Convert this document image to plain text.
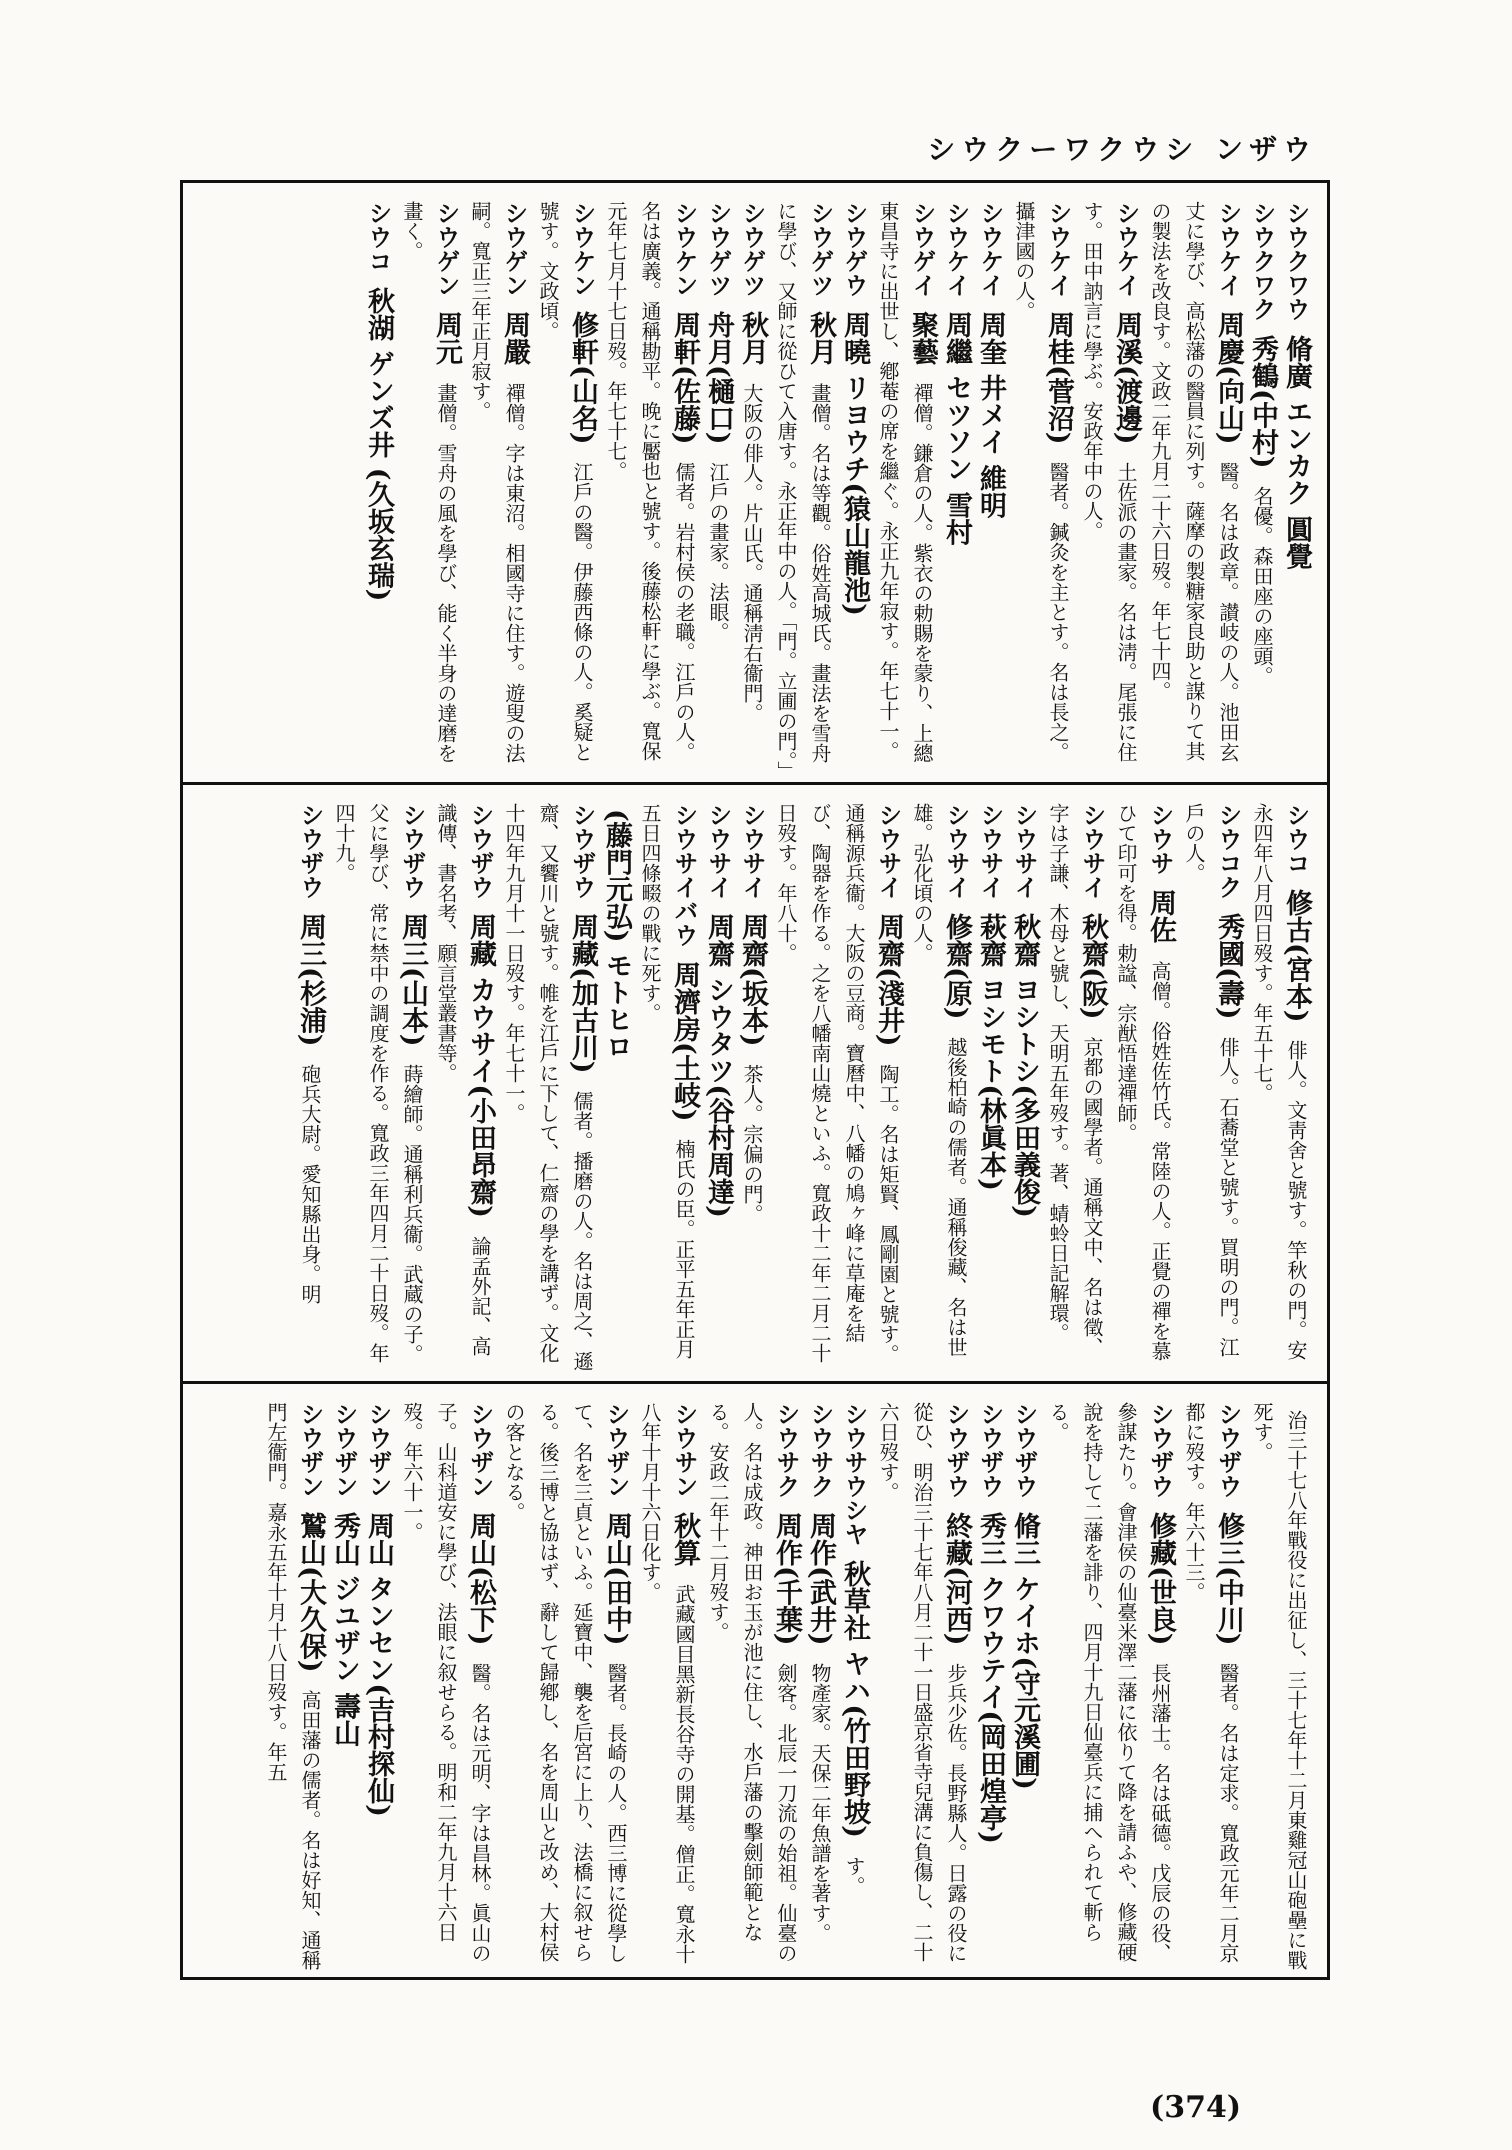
シウクーワクウシ ンザウ
シウクワウ 脩廣 エンカク 圓覺
シウクワク 秀鶴(中村) 名優。森田座の座頭。
シウケイ 周慶(向山) 醫。名は政章。讃岐の人。池田玄丈に學び、高松藩の醫員に列す。薩摩の製糖家良助と謀りて其の製法を改良す。文政二年九月二十六日歿。年七十四。
シウケイ 周溪(渡邊) 土佐派の畫家。名は淸。尾張に住す。田中訥言に學ぶ。安政年中の人。
シウケイ 周桂(菅沼) 醫者。鍼灸を主とす。名は長之。攝津國の人。
シウケイ 周奎 井メイ 維明
シウケイ 周繼 セツソン 雪村
シウゲイ 聚藝 禪僧。鎌倉の人。紫衣の勅賜を蒙り、上總東昌寺に出世し、鄕菴の席を繼ぐ。永正九年寂す。年七十一。
シウゲウ 周曉 リヨウチ(猿山龍池)
シウゲツ 秋月 畫僧。名は等觀。俗姓高城氏。畫法を雪舟に學び、又師に從ひて入唐す。永正年中の人。「門。立圃の門。」
シウゲツ 秋月 大阪の俳人。片山氏。通稱淸右衞門。
シウゲツ 舟月(樋口) 江戶の畫家。法眼。
シウケン 周軒(佐藤) 儒者。岩村侯の老職。江戶の人。名は廣義。通稱勘平。晚に靨也と號す。後藤松軒に學ぶ。寬保元年七月十七日歿。年七十七。
シウケン 修軒(山名) 江戶の醫。伊藤西條の人。奚疑と號す。文政頃。
シウゲン 周嚴 禪僧。字は東沼。相國寺に住す。遊叟の法嗣。寬正三年正月寂す。
シウゲン 周元 畫僧。雪舟の風を學び、能く半身の達磨を畫く。
シウコ 秋湖 ゲンズ井 (久坂玄瑞)
シウコ 修古(宮本) 俳人。文靑舍と號す。竿秋の門。安永四年八月四日歿す。年五十七。
シウコク 秀國(壽) 俳人。石蕎堂と號す。買明の門。江戶の人。
シウサ 周佐 高僧。俗姓佐竹氏。常陸の人。正覺の禪を慕ひて印可を得。勅諡、宗猷悟達禪師。
シウサイ 秋齋(阪) 京都の國學者。通稱文中、名は徵、字は子謙、木母と號し、天明五年歿す。著、蜻蛉日記解環。
シウサイ 秋齋 ヨシトシ(多田義俊)
シウサイ 萩齋 ヨシモト(林眞本)
シウサイ 修齋(原) 越後柏崎の儒者。通稱俊藏、名は世雄。弘化頃の人。
シウサイ 周齋(淺井) 陶工。名は矩賢、鳳剛園と號す。通稱源兵衞。大阪の豆商。寶曆中、八幡の鳩ヶ峰に草庵を結び、陶器を作る。之を八幡南山燒といふ。寬政十二年二月二十日歿す。年八十。
シウサイ 周齋(坂本) 茶人。宗偏の門。
シウサイ 周齋 シウタツ(谷村周達)
シウサイバウ 周濟房(土岐) 楠氏の臣。正平五年正月五日四條畷の戰に死す。
(藤門元弘) モトヒロ
シウザウ 周藏(加古川) 儒者。播磨の人。名は周之、遜齋、又饗川と號す。帷を江戶に下して、仁齋の學を講ず。文化十四年九月十一日歿す。年七十一。
シウザウ 周藏 カウサイ(小田昂齋) 論孟外記、高識傳、書名考、願言堂叢書等。
シウザウ 周三(山本) 蒔繪師。通稱利兵衞。武蔵の子。父に學び、常に禁中の調度を作る。寬政三年四月二十日歿。年四十九。
シウザウ 周三(杉浦) 砲兵大尉。愛知縣出身。明
治三十七八年戰役に出征し、三十七年十二月東雞冠山砲壘に戰死す。
シウザウ 修三(中川) 醫者。名は定求。寬政元年二月京都に歿す。年六十三。
シウザウ 修藏(世良) 長州藩士。名は砥德。戊辰の役、參謀たり。會津侯の仙臺米澤二藩に依りて降を請ふや、修藏硬說を持して二藩を誹り、四月十九日仙臺兵に捕へられて斬らる。
シウザウ 脩三 ケイホ(守元溪圃)
シウザウ 秀三 クワウテイ(岡田煌亭)
シウザウ 終藏(河西) 步兵少佐。長野縣人。日露の役に從ひ、明治三十七年八月二十一日盛京省寺兒溝に負傷し、二十六日歿す。
シウサウシヤ 秋草社 ヤハ(竹田野坡) す。
シウサク 周作(武井) 物產家。天保二年魚譜を著す。
シウサク 周作(千葉) 劍客。北辰一刀流の始祖。仙臺の人。名は成政。神田お玉が池に住し、水戶藩の擊劍師範となる。安政二年十二月歿す。
シウサン 秋算 武藏國目黑新長谷寺の開基。僧正。寬永十八年十月十六日化す。
シウザン 周山(田中) 醫者。長崎の人。西三博に從學して、名を三貞といふ。延寶中、襲を后宮に上り、法橋に叙せらる。後三博と協はず、辭して歸鄕し、名を周山と改め、大村侯の客となる。
シウザン 周山(松下) 醫。名は元明、字は昌林。眞山の子。山科道安に學び、法眼に叙せらる。明和二年九月十六日歿。年六十一。
シウザン 周山 タンセン(吉村探仙)
シウザン 秀山 ジユザン 壽山
シウザン 鷲山(大久保) 高田藩の儒者。名は好知、通稱門左衞門。嘉永五年十月十八日歿す。年五
(374)
